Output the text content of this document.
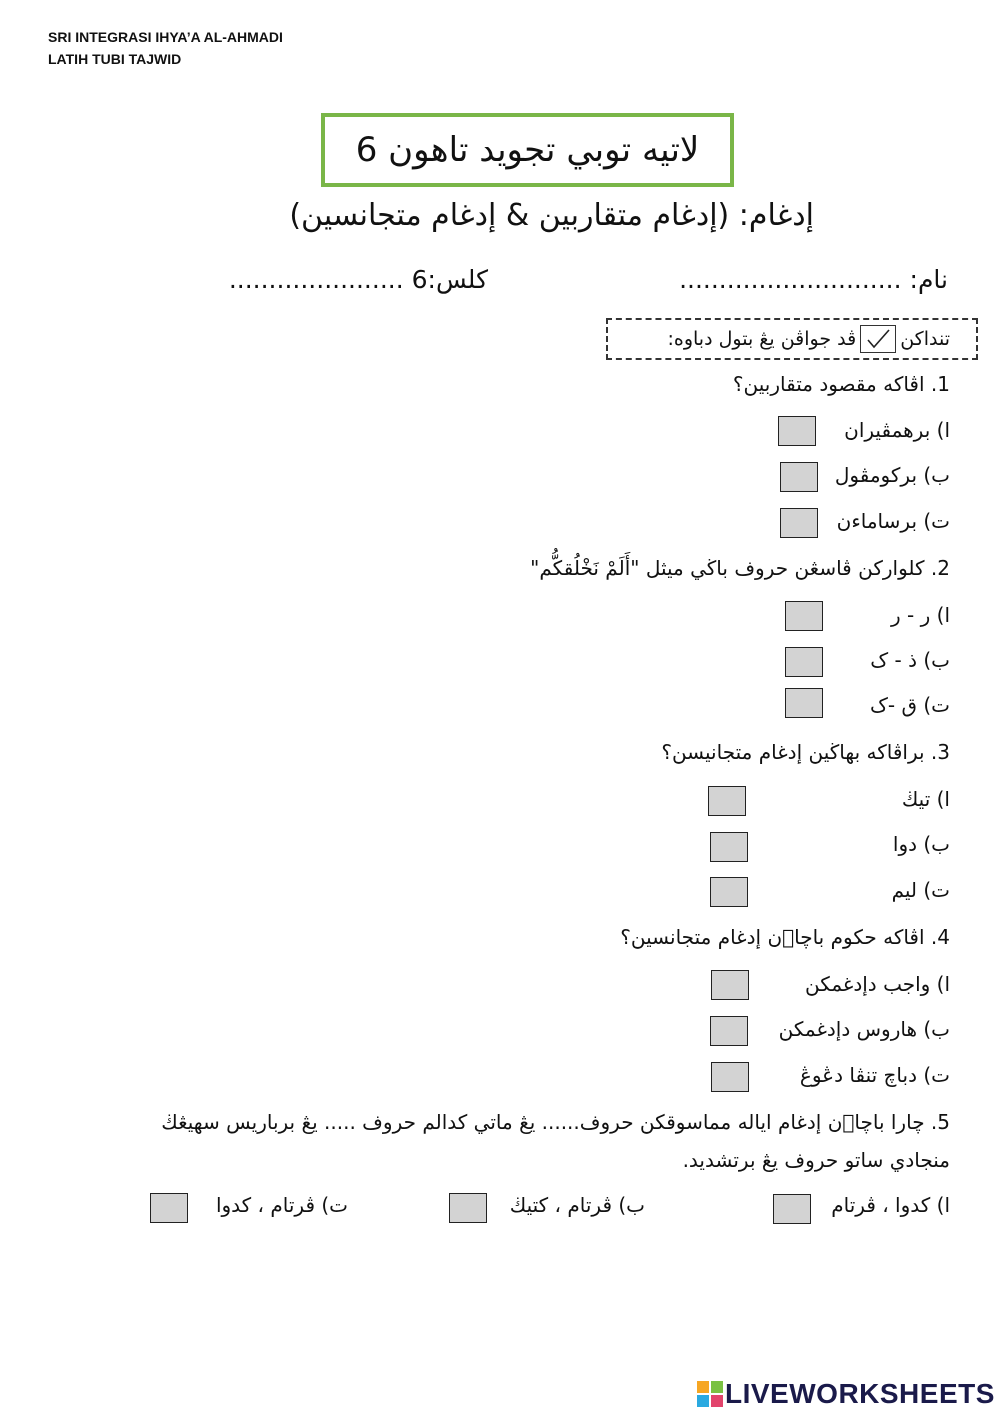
SRI INTEGRASI IHYA’A AL-AHMADI
LATIH TUBI TAJWID
لاتيه توبي تجويد تاهون 6
إدغام: (إدغام متقاربين & إدغام متجانسين)
نام: ............................
كلس:6 ......................
تنداكن
ڤد جواڤن يڠ بتول دباوه:
1. اڤاكه مقصود متقاربين؟
ا) برهمڤيران
ب) بركومڤول
ت) برساماءن
2. كلواركن ڤاسڠن حروف باڬي ميثل "أَلَمْ نَخْلُقكُّم"
ا) ر - ر
ب) ذ - ک
ت) ق -ک
3. براڤاكه بهاڬين إدغام متجانيسن؟
ا) تيڬ
ب) دوا
ت) ليم
4. اڤاكه حكوم باچا٘ن إدغام متجانسين؟
ا) واجب دإدغمكن
ب) هاروس دإدغمكن
ت) دباچ تنڤا دڠوڠ
5. چارا باچا٘ن إدغام اياله مماسوقكن حروف...... يڠ ماتي كدالم حروف ..... يڠ برباريس سهيڠڬ
منجادي ساتو حروف يڠ برتشديد.
ا) كدوا ، ڤرتام
ب) ڤرتام ، كتيڬ
ت) ڤرتام ، كدوا
LIVEWORKSHEETS
